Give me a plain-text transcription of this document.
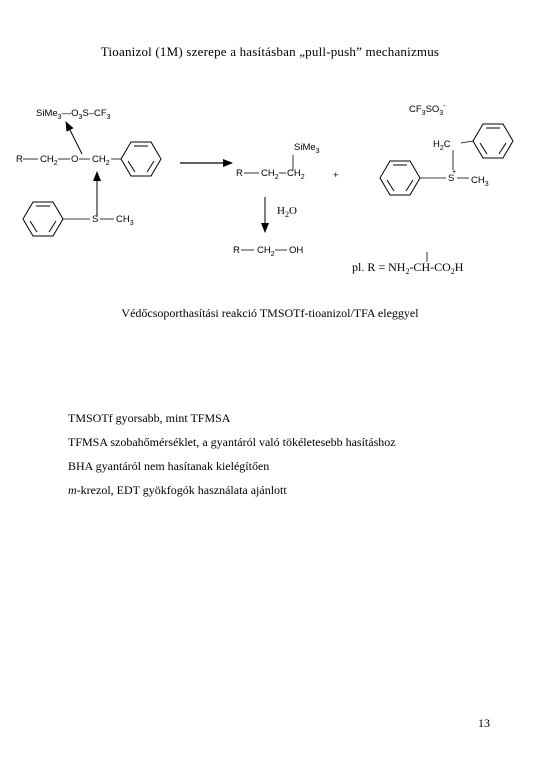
Tioanizol (1M) szerepe a hasításban „pull-push” mechanizmus
$SiMe_3—O_3S-CF_3$
R $CH_2$ O $CH_2$
S $CH_3$
SiMe$_3$
R $CH_2$ $CH_2$	+
$CF_3SO_3^-$
$H_2C$
S
+
$CH_3$
$H_2O$
R $CH_2$ OH
pl. $R = NH_2-CH-CO_2H$
Védőcsoporthasítási reakció TMSOTf-tioanizol/TFA eleggyel
TMSOTf gyorsabb, mint TFMSA
TFMSA szobahőmérséklet, a gyantáról való tökéletesebb hasításhoz
BHA gyantáról nem hasítanak kielégítően
m-krezol, EDT gyökfogók használata ajánlott
13
